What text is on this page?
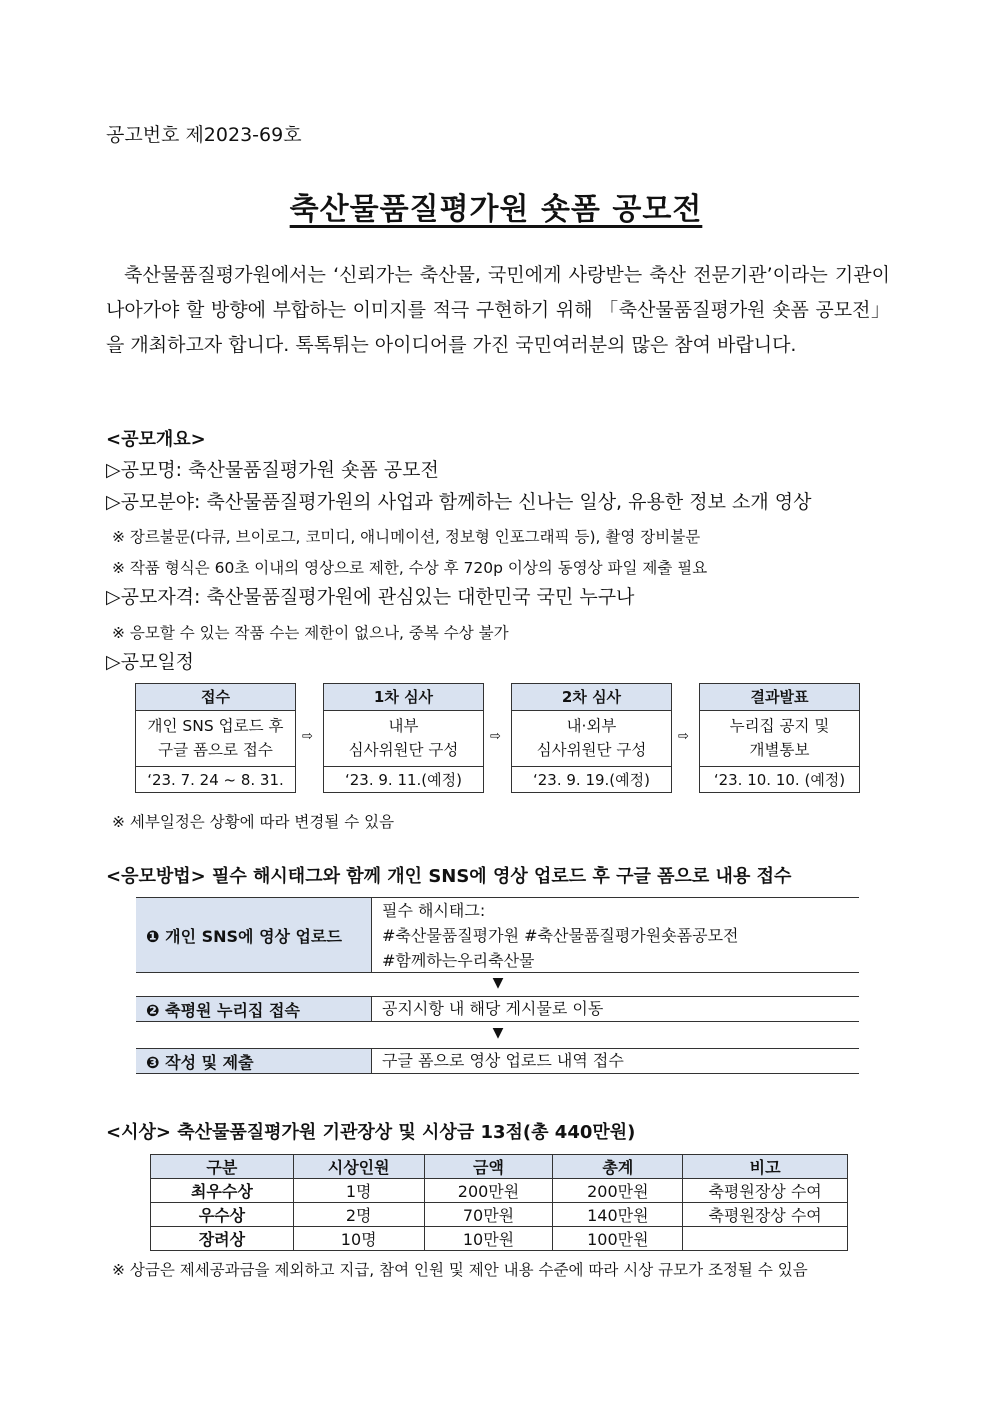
공고번호 제2023-69호
축산물품질평가원 숏폼 공모전
축산물품질평가원에서는 ‘신뢰가는 축산물, 국민에게 사랑받는 축산 전문기관’이라는 기관이 나아가야 할 방향에 부합하는 이미지를 적극 구현하기 위해 「축산물품질평가원 숏폼 공모전」을 개최하고자 합니다. 톡톡튀는 아이디어를 가진 국민여러분의 많은 참여 바랍니다.
<공모개요>
▷공모명: 축산물품질평가원 숏폼 공모전
▷공모분야: 축산물품질평가원의 사업과 함께하는 신나는 일상, 유용한 정보 소개 영상
※ 장르불문(다큐, 브이로그, 코미디, 애니메이션, 정보형 인포그래픽 등), 촬영 장비불문
※ 작품 형식은 60초 이내의 영상으로 제한, 수상 후 720p 이상의 동영상 파일 제출 필요
▷공모자격: 축산물품질평가원에 관심있는 대한민국 국민 누구나
※ 응모할 수 있는 작품 수는 제한이 없으나, 중복 수상 불가
▷공모일정
접수
개인 SNS 업로드 후
구글 폼으로 접수
‘23. 7. 24 ~ 8. 31.
⇨
1차 심사
내부
심사위원단 구성
‘23. 9. 11.(예정)
⇨
2차 심사
내·외부
심사위원단 구성
‘23. 9. 19.(예정)
⇨
결과발표
누리집 공지 및
개별통보
‘23. 10. 10. (예정)
※ 세부일정은 상황에 따라 변경될 수 있음
<응모방법> 필수 해시태그와 함께 개인 SNS에 영상 업로드 후 구글 폼으로 내용 접수
❶ 개인 SNS에 영상 업로드
필수 해시태그:
#축산물품질평가원 #축산물품질평가원숏폼공모전
#함께하는우리축산물
▼
❷ 축평원 누리집 접속	공지시항 내 해당 게시물로 이동
▼
❸ 작성 및 제출	구글 폼으로 영상 업로드 내역 접수
<시상> 축산물품질평가원 기관장상 및 시상금 13점(총 440만원)
구분	시상인원	금액	총계	비고
최우수상	1명	200만원	200만원	축평원장상 수여
우수상	2명	70만원	140만원	축평원장상 수여
장려상	10명	10만원	100만원	
※ 상금은 제세공과금을 제외하고 지급, 참여 인원 및 제안 내용 수준에 따라 시상 규모가 조정될 수 있음
